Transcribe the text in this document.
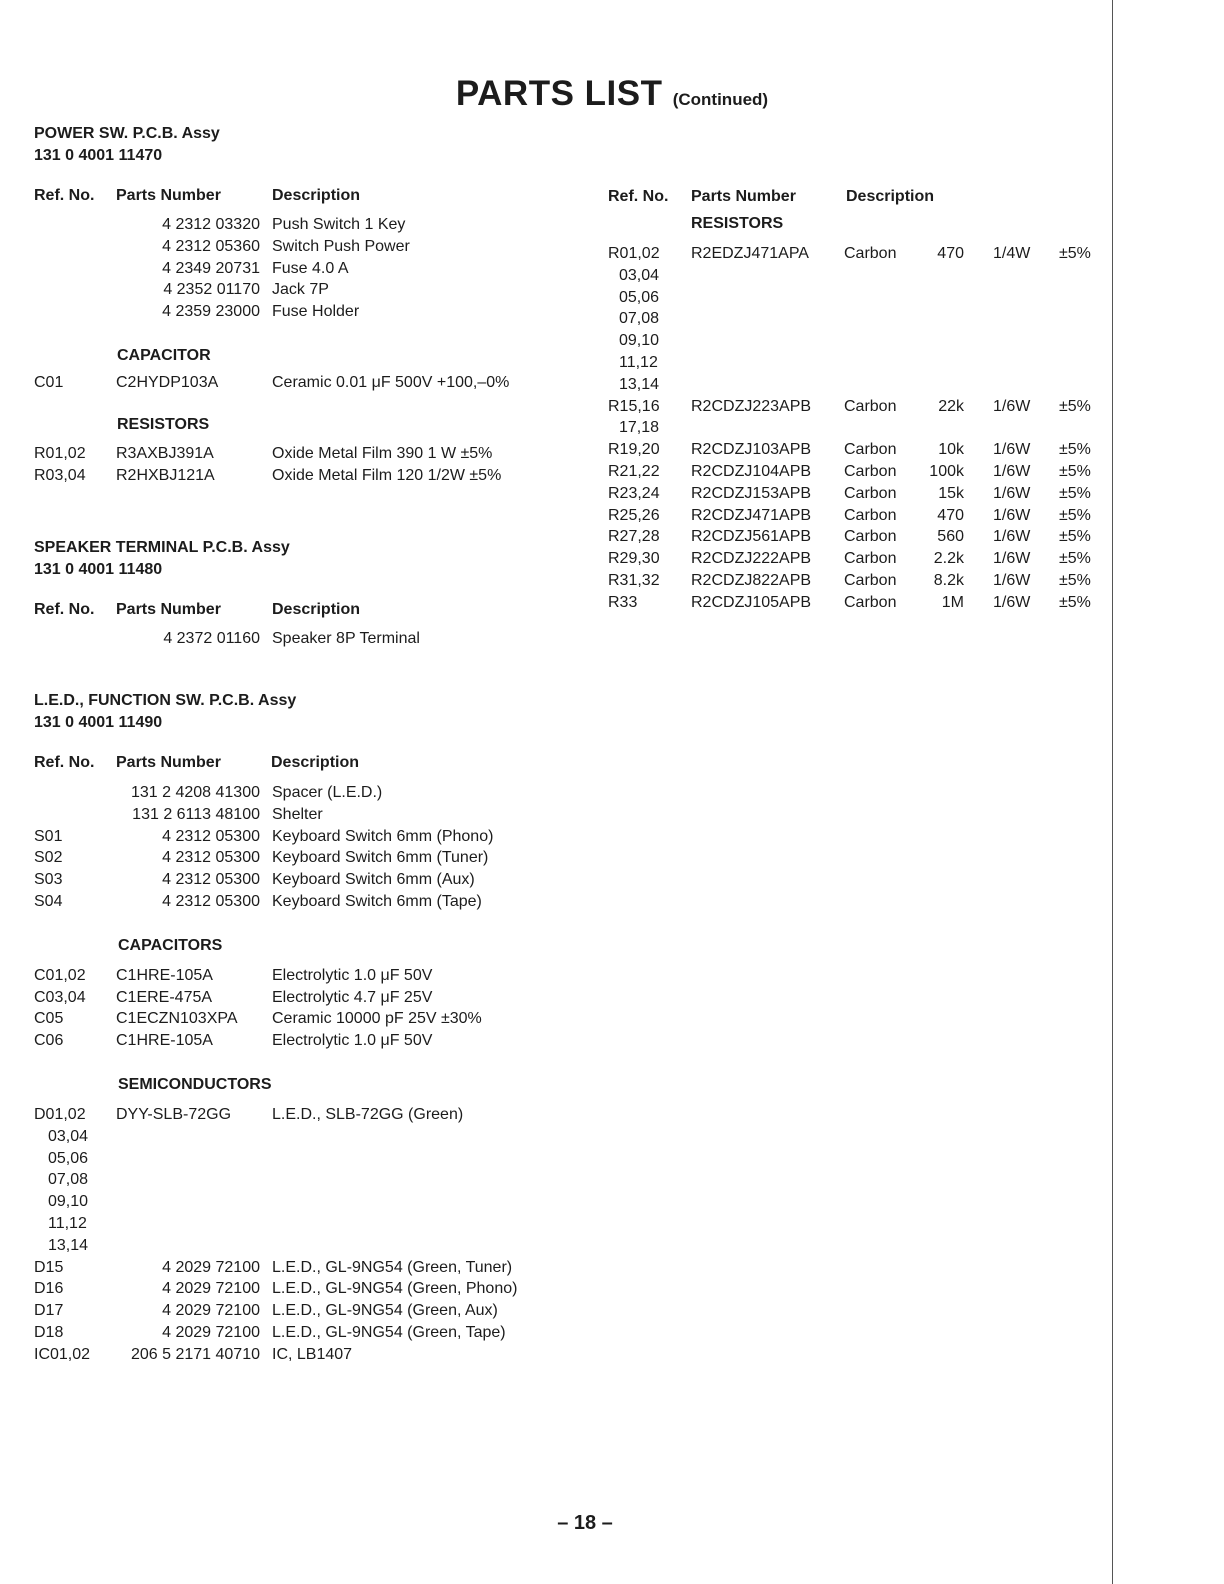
PARTS LIST (Continued)
POWER SW. P.C.B. Assy
131 0 4001 11470
Ref. No. Parts Number	Description
4 2312 03320 Push Switch 1 Key
4 2312 05360 Switch Push Power
4 2349 20731 Fuse 4.0 A
4 2352 01170 Jack 7P
4 2359 23000 Fuse Holder
CAPACITOR
C01	C2HYDP103A	Ceramic 0.01 μF 500V +100,–0%
RESISTORS
R01,02 R3AXBJ391A	Oxide Metal Film 390 1 W ±5%
R03,04 R2HXBJ121A	Oxide Metal Film 120 1/2W ±5%
SPEAKER TERMINAL P.C.B. Assy
131 0 4001 11480
Ref. No. Parts Number	Description
4 2372 01160 Speaker 8P Terminal
L.E.D., FUNCTION SW. P.C.B. Assy
131 0 4001 11490
Ref. No. Parts Number	Description
131 2 4208 41300 Spacer (L.E.D.)
131 2 6113 48100 Shelter
S01	4 2312 05300 Keyboard Switch 6mm (Phono)
S02	4 2312 05300 Keyboard Switch 6mm (Tuner)
S03	4 2312 05300 Keyboard Switch 6mm (Aux)
S04	4 2312 05300 Keyboard Switch 6mm (Tape)
CAPACITORS
C01,02 C1HRE-105A	Electrolytic 1.0 μF 50V
C03,04 C1ERE-475A	Electrolytic 4.7 μF 25V
C05	C1ECZN103XPA Ceramic 10000 pF 25V ±30%
C06	C1HRE-105A	Electrolytic 1.0 μF 50V
SEMICONDUCTORS
D01,02 DYY-SLB-72GG	L.E.D., SLB-72GG (Green)
03,04
05,06
07,08
09,10
11,12
13,14
D15	4 2029 72100 L.E.D., GL-9NG54 (Green, Tuner)
D16	4 2029 72100 L.E.D., GL-9NG54 (Green, Phono)
D17	4 2029 72100 L.E.D., GL-9NG54 (Green, Aux)
D18	4 2029 72100 L.E.D., GL-9NG54 (Green, Tape)
IC01,02	206 5 2171 40710 IC, LB1407
Ref. No. Parts Number	Description
RESISTORS
R01,02 R2EDZJ471APA Carbon	470 1/4W ±5%
03,04
05,06
07,08
09,10
11,12
13,14
R15,16 R2CDZJ223APB Carbon	22k 1/6W ±5%
17,18
R19,20 R2CDZJ103APB Carbon	10k 1/6W ±5%
R21,22 R2CDZJ104APB Carbon	100k 1/6W ±5%
R23,24 R2CDZJ153APB Carbon	15k 1/6W ±5%
R25,26 R2CDZJ471APB Carbon	470 1/6W ±5%
R27,28 R2CDZJ561APB Carbon	560 1/6W ±5%
R29,30 R2CDZJ222APB Carbon	2.2k 1/6W ±5%
R31,32 R2CDZJ822APB Carbon	8.2k 1/6W ±5%
R33	R2CDZJ105APB Carbon	1M 1/6W ±5%
– 18 –
